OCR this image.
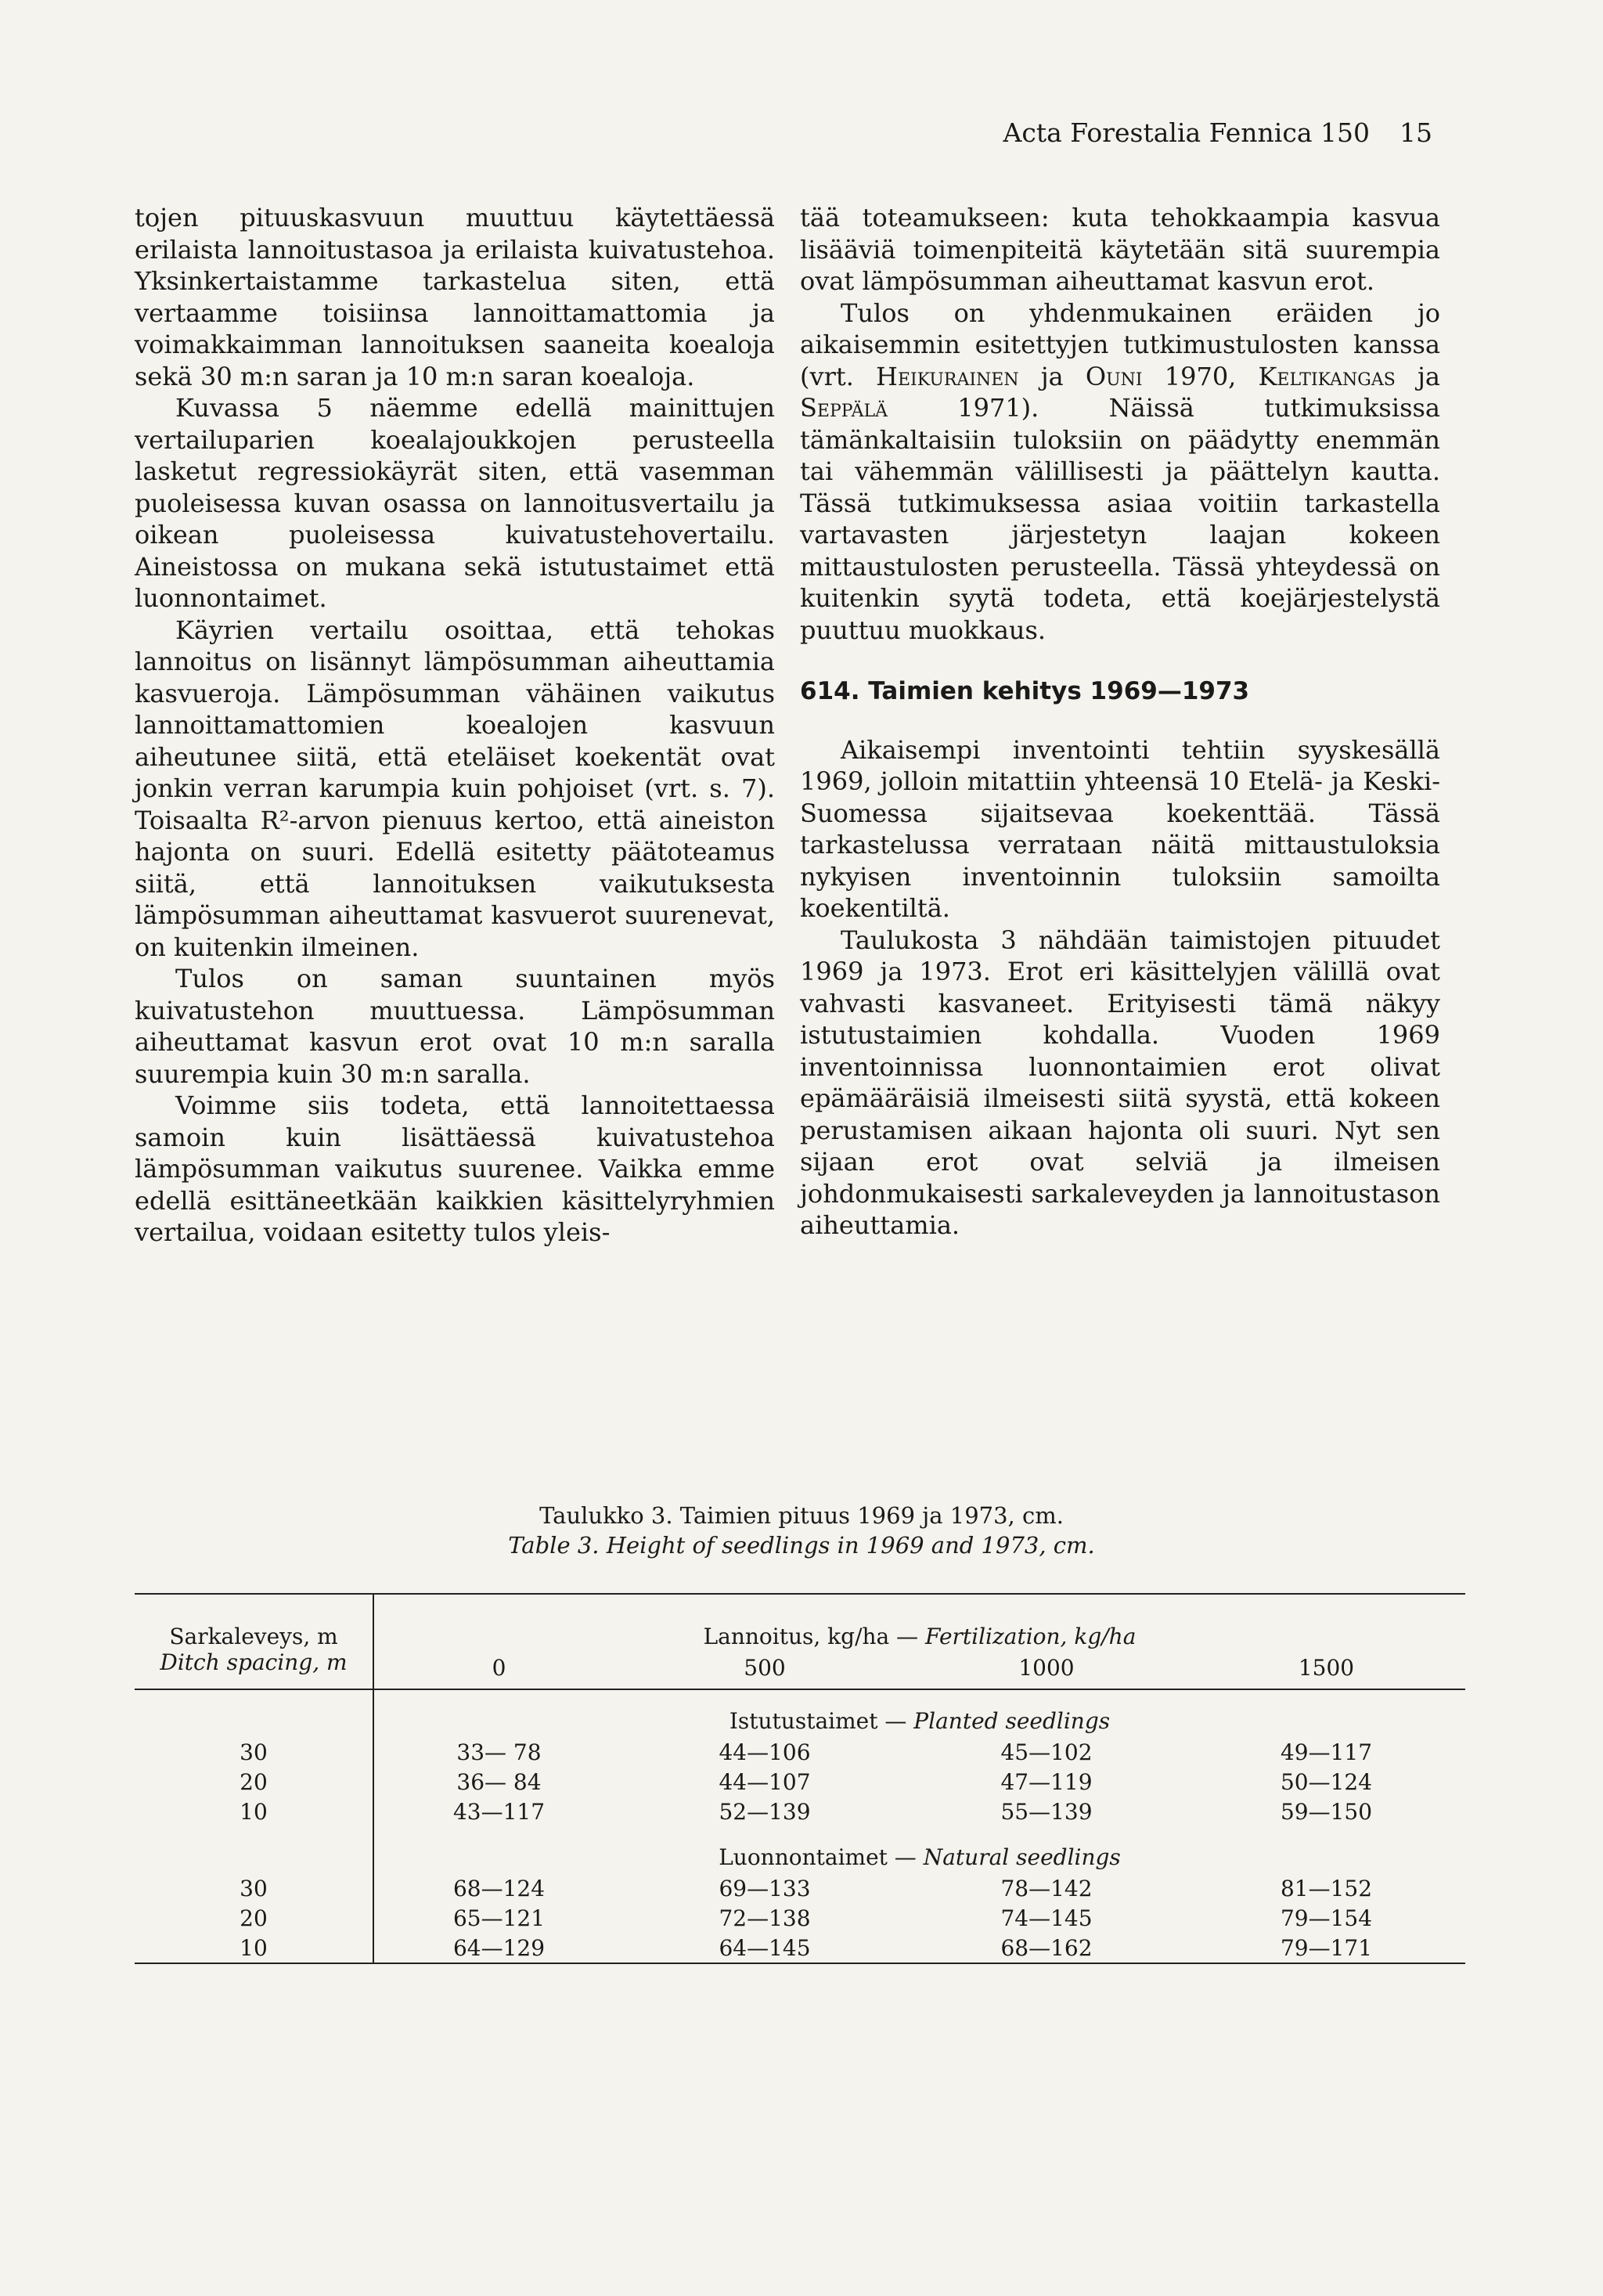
Acta Forestalia Fennica 150 15

tojen pituuskasvuun muuttuu käytettäessä erilaista lannoitustasoa ja erilaista kuivatustehoa. Yksinkertaistamme tarkastelua siten, että vertaamme toisiinsa lannoittamattomia ja voimakkaimman lannoituksen saaneita koealoja sekä 30 m:n saran ja 10 m:n saran koealoja.

Kuvassa 5 näemme edellä mainittujen vertailuparien koealajoukkojen perusteella lasketut regressiokäyrät siten, että vasemman puoleisessa kuvan osassa on lannoitusvertailu ja oikean puoleisessa kuivatustehovertailu. Aineistossa on mukana sekä istutustaimet että luonnontaimet.

Käyrien vertailu osoittaa, että tehokas lannoitus on lisännyt lämpösumman aiheuttamia kasvueroja. Lämpösumman vähäinen vaikutus lannoittamattomien koealojen kasvuun aiheutunee siitä, että eteläiset koekentät ovat jonkin verran karumpia kuin pohjoiset (vrt. s. 7). Toisaalta R²-arvon pienuus kertoo, että aineiston hajonta on suuri. Edellä esitetty päätoteamus siitä, että lannoituksen vaikutuksesta lämpösumman aiheuttamat kasvuerot suurenevat, on kuitenkin ilmeinen.

Tulos on saman suuntainen myös kuivatustehon muuttuessa. Lämpösumman aiheuttamat kasvun erot ovat 10 m:n saralla suurempia kuin 30 m:n saralla.

Voimme siis todeta, että lannoitettaessa samoin kuin lisättäessä kuivatustehoa lämpösumman vaikutus suurenee. Vaikka emme edellä esittäneetkään kaikkien käsittelyryhmien vertailua, voidaan esitetty tulos yleis-

tää toteamukseen: kuta tehokkaampia kasvua lisääviä toimenpiteitä käytetään sitä suurempia ovat lämpösumman aiheuttamat kasvun erot.

Tulos on yhdenmukainen eräiden jo aikaisemmin esitettyjen tutkimustulosten kanssa (vrt. Heikurainen ja Ouni 1970, Keltikangas ja Seppälä 1971). Näissä tutkimuksissa tämänkaltaisiin tuloksiin on päädytty enemmän tai vähemmän välillisesti ja päättelyn kautta. Tässä tutkimuksessa asiaa voitiin tarkastella vartavasten järjestetyn laajan kokeen mittaustulosten perusteella. Tässä yhteydessä on kuitenkin syytä todeta, että koejärjestelystä puuttuu muokkaus.

614. Taimien kehitys 1969—1973

Aikaisempi inventointi tehtiin syyskesällä 1969, jolloin mitattiin yhteensä 10 Etelä- ja Keski-Suomessa sijaitsevaa koekenttää. Tässä tarkastelussa verrataan näitä mittaustuloksia nykyisen inventoinnin tuloksiin samoilta koekentiltä.

Taulukosta 3 nähdään taimistojen pituudet 1969 ja 1973. Erot eri käsittelyjen välillä ovat vahvasti kasvaneet. Erityisesti tämä näkyy istutustaimien kohdalla. Vuoden 1969 inventoinnissa luonnontaimien erot olivat epämääräisiä ilmeisesti siitä syystä, että kokeen perustamisen aikaan hajonta oli suuri. Nyt sen sijaan erot ovat selviä ja ilmeisen johdonmukaisesti sarkaleveyden ja lannoitustason aiheuttamia.

Taulukko 3. Taimien pituus 1969 ja 1973, cm.
Table 3. Height of seedlings in 1969 and 1973, cm.
Sarkaleveys, m	Lannoitus, kg/ha — Fertilization, kg/ha			
Ditch spacing, m	0	500	1000	1500
	Istutustaimet — Planted seedlings			
30	33— 78	44—106	45—102	49—117
20	36— 84	44—107	47—119	50—124
10	43—117	52—139	55—139	59—150
	Luonnontaimet — Natural seedlings			
30	68—124	69—133	78—142	81—152
20	65—121	72—138	74—145	79—154
10	64—129	64—145	68—162	79—171
